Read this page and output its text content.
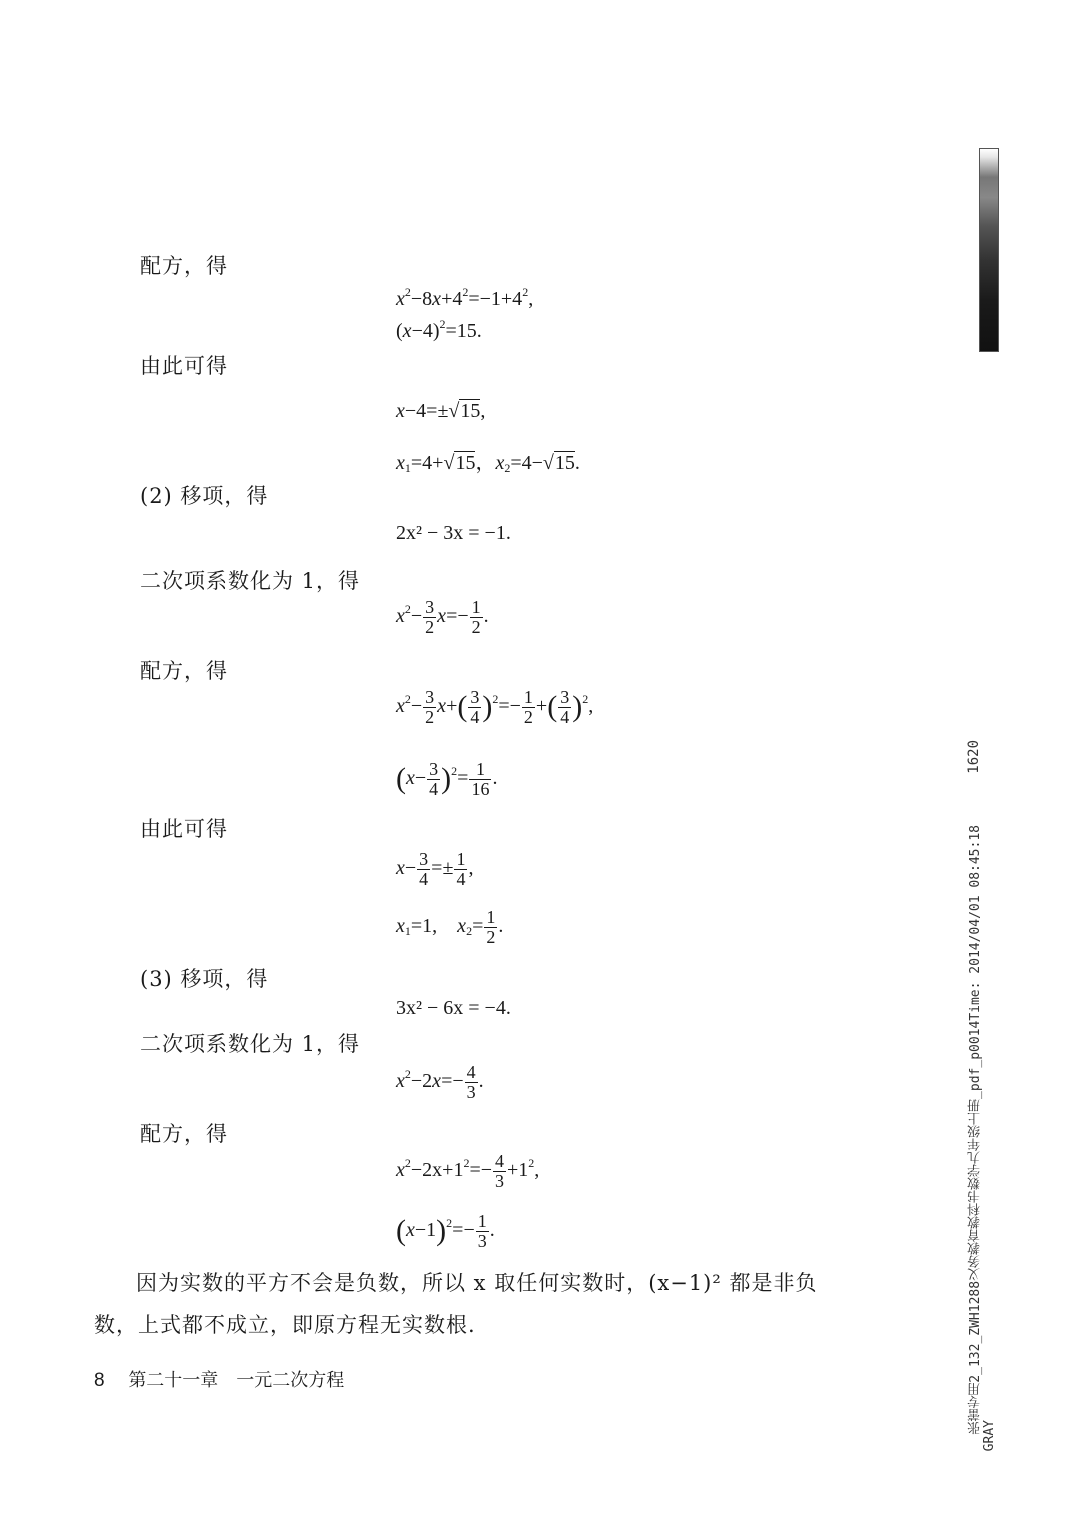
配方，得
$x^2-8x+4^2=-1+4^2$,
$(x-4)^2=15$.
由此可得
x−4=±√15,
$x_1=4+√15$，$x_2=4-√15$.
(2) 移项，得
2x² − 3x = −1.
二次项系数化为 1，得
$x^2- \frac{3}{2} x=- \frac{1}{2}$ .
配方，得
$x^2- \frac{3}{2} x+( \frac{3}{4} )^2=- \frac{1}{2}$ +( $\frac{3}{4} )^2$,
$(x- \frac{3}{4} )^2= \frac{1}{16}$ .
由此可得
$x- \frac{3}{4} =\pm \frac{1}{4}$ ,
$x_1=1$,　 $x_2= \frac{1}{2}$ .
(3) 移项，得
3x² − 6x = −4.
二次项系数化为 1，得
$x^2-2x=- \frac{4}{3}$ .
配方，得
$x^2-2x+1^2=- \frac{4}{3} +1^2$,
$(x-1)^2=- \frac{1}{3}$ .
因为实数的平方不会是负数，所以 x 取任何实数时，(x−1)² 都是非负数，上式都不成立，即原方程无实数根.
8 第二十一章　一元二次方程
1620
张蕾专用2_132_ZWH1288义务教育教科书数学九年级上册_pdf_p0014Time: 2014/04/01 08:45:18
GRAY
